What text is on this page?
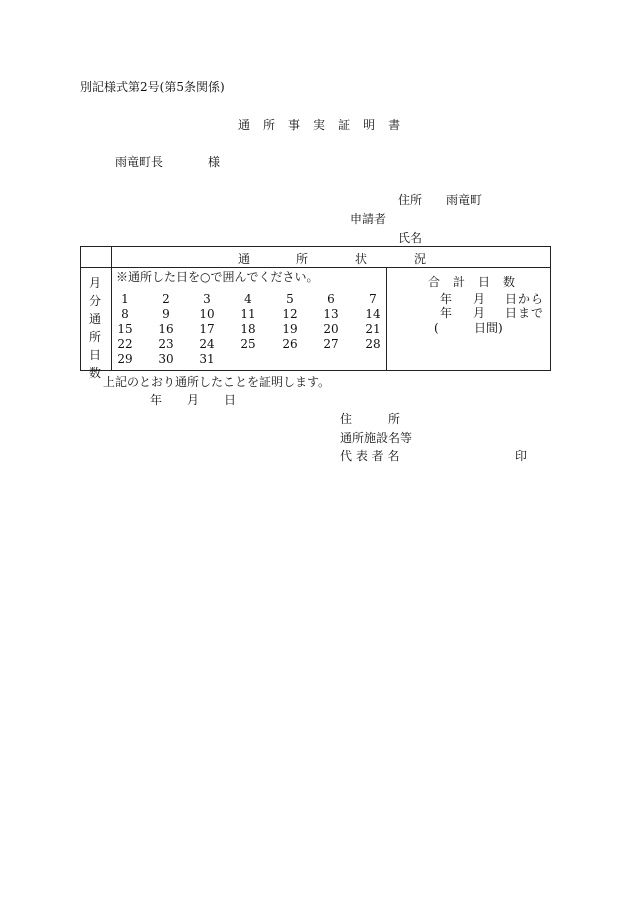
別記様式第2号(第5条関係)
通 所 事 実 証 明 書
雨竜町長	様
住所 雨竜町
申請者
氏名
通	所	状	況
月
分
通
所
日
数
※通所した日を○で囲んでください。
1	2	3	4	5	6	7
8	9	10	11	12	13	14
15	16	17	18	19	20	21
22	23	24	25	26	27	28
29	30	31
合 計 日 数
年 月 日から
年 月 日まで
(	日間)
上記のとおり通所したことを証明します。
年 月 日
住　　　所
通所施設名等
代 表 者 名	印
